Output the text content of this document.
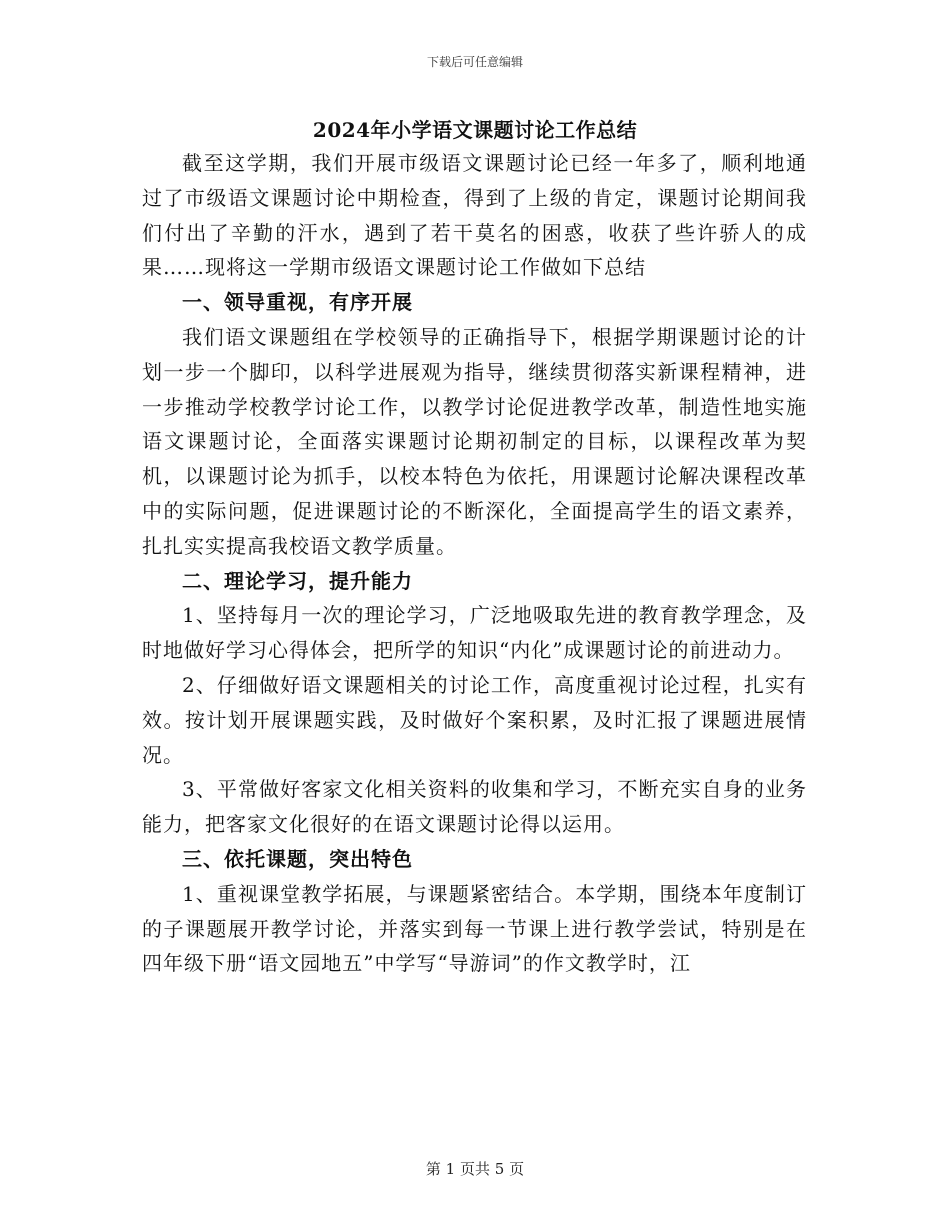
下载后可任意编辑
2024年小学语文课题讨论工作总结

截至这学期，我们开展市级语文课题讨论已经一年多了，顺利地通过了市级语文课题讨论中期检查，得到了上级的肯定，课题讨论期间我们付出了辛勤的汗水，遇到了若干莫名的困惑，收获了些许骄人的成果……现将这一学期市级语文课题讨论工作做如下总结

一、领导重视，有序开展

我们语文课题组在学校领导的正确指导下，根据学期课题讨论的计划一步一个脚印，以科学进展观为指导，继续贯彻落实新课程精神，进一步推动学校教学讨论工作，以教学讨论促进教学改革，制造性地实施语文课题讨论，全面落实课题讨论期初制定的目标，以课程改革为契机，以课题讨论为抓手，以校本特色为依托，用课题讨论解决课程改革中的实际问题，促进课题讨论的不断深化，全面提高学生的语文素养，扎扎实实提高我校语文教学质量。

二、理论学习，提升能力

1、坚持每月一次的理论学习，广泛地吸取先进的教育教学理念，及时地做好学习心得体会，把所学的知识“内化”成课题讨论的前进动力。

2、仔细做好语文课题相关的讨论工作，高度重视讨论过程，扎实有效。按计划开展课题实践，及时做好个案积累，及时汇报了课题进展情况。

3、平常做好客家文化相关资料的收集和学习，不断充实自身的业务能力，把客家文化很好的在语文课题讨论得以运用。

三、依托课题，突出特色

1、重视课堂教学拓展，与课题紧密结合。本学期，围绕本年度制订的子课题展开教学讨论，并落实到每一节课上进行教学尝试，特别是在四年级下册“语文园地五”中学写“导游词”的作文教学时，江

第 1 页共 5 页
